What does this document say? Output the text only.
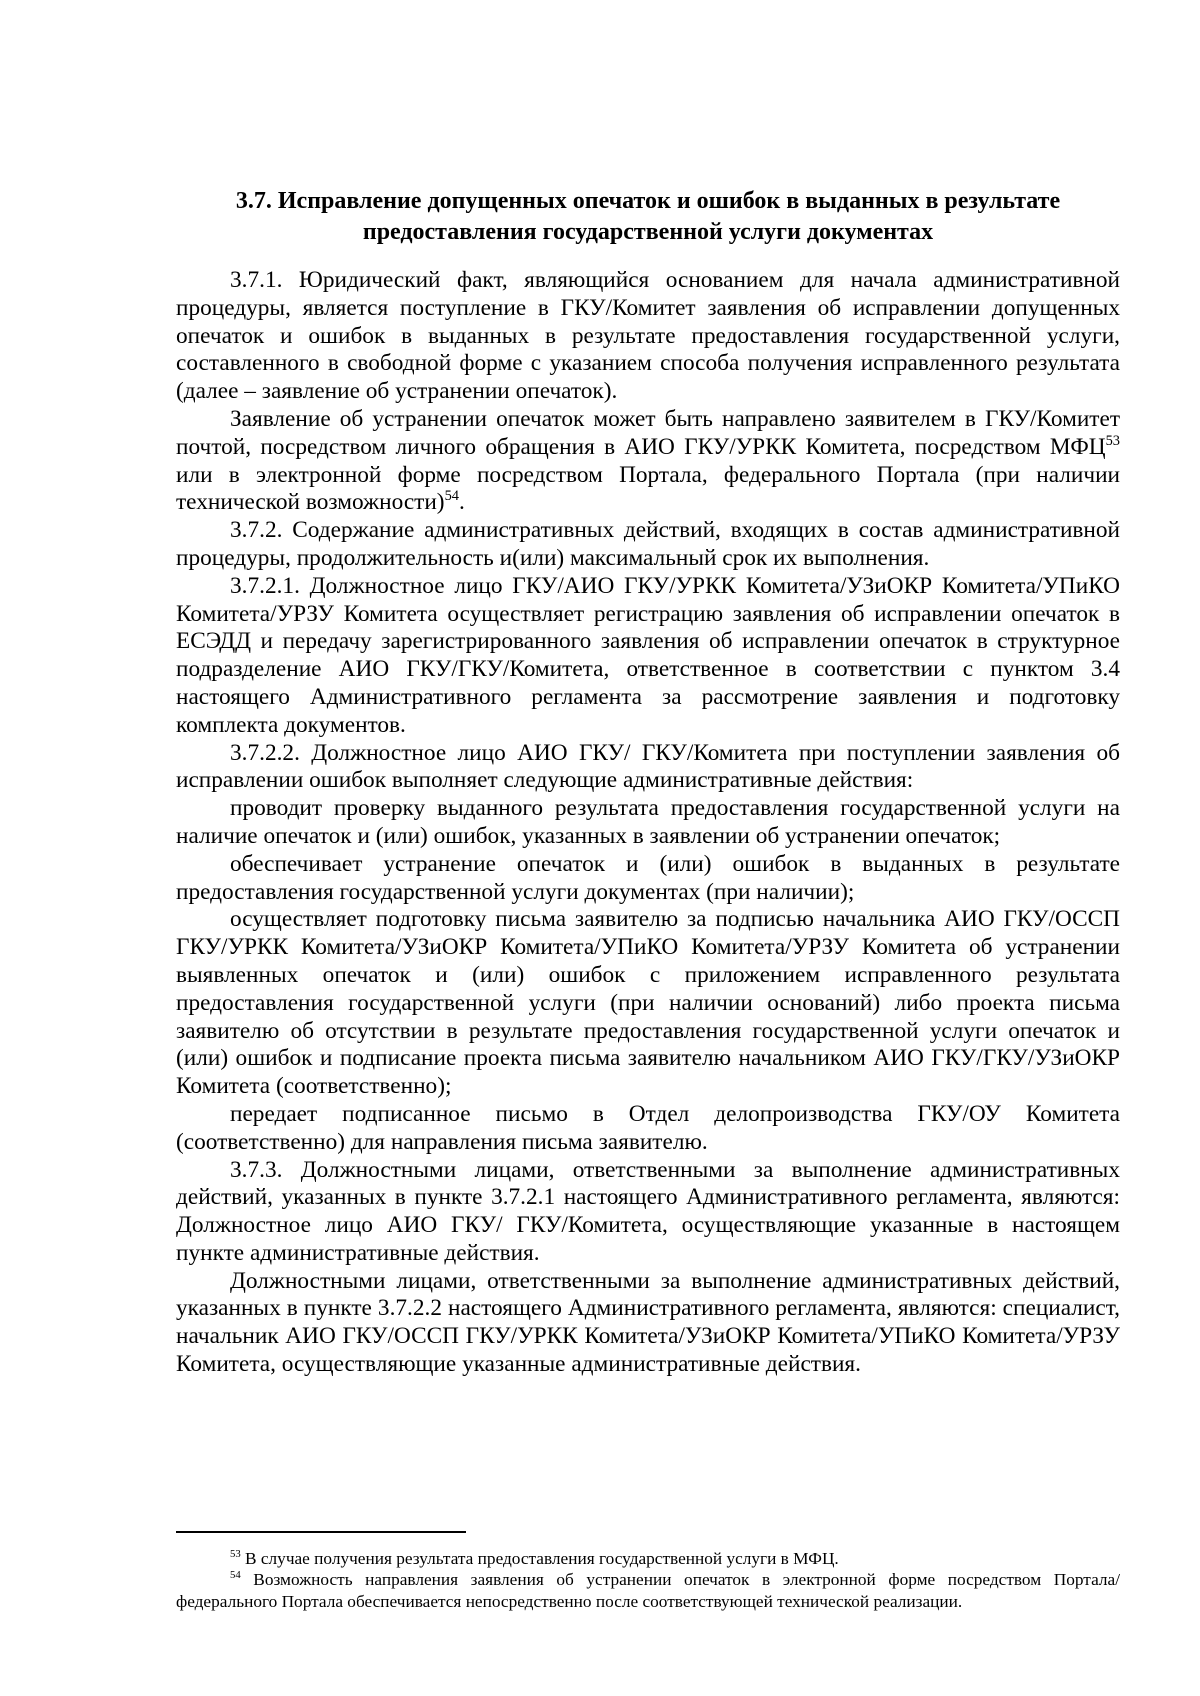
3.7. Исправление допущенных опечаток и ошибок в выданных в результате
предоставления государственной услуги документах

3.7.1. Юридический факт, являющийся основанием для начала административной процедуры, является поступление в ГКУ/Комитет заявления об исправлении допущенных опечаток и ошибок в выданных в результате предоставления государственной услуги, составленного в свободной форме с указанием способа получения исправленного результата (далее – заявление об устранении опечаток).

Заявление об устранении опечаток может быть направлено заявителем в ГКУ/Комитет почтой, посредством личного обращения в АИО ГКУ/УРКК Комитета, посредством МФЦ$^{53}$ или в электронной форме посредством Портала, федерального Портала (при наличии технической возможности)$^{54}$.

3.7.2. Содержание административных действий, входящих в состав административной процедуры, продолжительность и(или) максимальный срок их выполнения.

3.7.2.1. Должностное лицо ГКУ/АИО ГКУ/УРКК Комитета/УЗиОКР Комитета/УПиКО Комитета/УРЗУ Комитета осуществляет регистрацию заявления об исправлении опечаток в ЕСЭДД и передачу зарегистрированного заявления об исправлении опечаток в структурное подразделение АИО ГКУ/ГКУ/Комитета, ответственное в соответствии с пунктом 3.4 настоящего Административного регламента за рассмотрение заявления и подготовку комплекта документов.

3.7.2.2. Должностное лицо АИО ГКУ/ ГКУ/Комитета при поступлении заявления об исправлении ошибок выполняет следующие административные действия:

проводит проверку выданного результата предоставления государственной услуги на наличие опечаток и (или) ошибок, указанных в заявлении об устранении опечаток;

обеспечивает устранение опечаток и (или) ошибок в выданных в результате предоставления государственной услуги документах (при наличии);

осуществляет подготовку письма заявителю за подписью начальника АИО ГКУ/ОССП ГКУ/УРКК Комитета/УЗиОКР Комитета/УПиКО Комитета/УРЗУ Комитета об устранении выявленных опечаток и (или) ошибок с приложением исправленного результата предоставления государственной услуги (при наличии оснований) либо проекта письма заявителю об отсутствии в результате предоставления государственной услуги опечаток и (или) ошибок и подписание проекта письма заявителю начальником АИО ГКУ/ГКУ/УЗиОКР Комитета (соответственно);

передает подписанное письмо в Отдел делопроизводства ГКУ/ОУ Комитета (соответственно) для направления письма заявителю.

3.7.3. Должностными лицами, ответственными за выполнение административных действий, указанных в пункте 3.7.2.1 настоящего Административного регламента, являются: Должностное лицо АИО ГКУ/ ГКУ/Комитета, осуществляющие указанные в настоящем пункте административные действия.

Должностными лицами, ответственными за выполнение административных действий, указанных в пункте 3.7.2.2 настоящего Административного регламента, являются: специалист, начальник АИО ГКУ/ОССП ГКУ/УРКК Комитета/УЗиОКР Комитета/УПиКО Комитета/УРЗУ Комитета, осуществляющие указанные административные действия.

$^{53}$ В случае получения результата предоставления государственной услуги в МФЦ.

$^{54}$ Возможность направления заявления об устранении опечаток в электронной форме посредством Портала/федерального Портала обеспечивается непосредственно после соответствующей технической реализации.
